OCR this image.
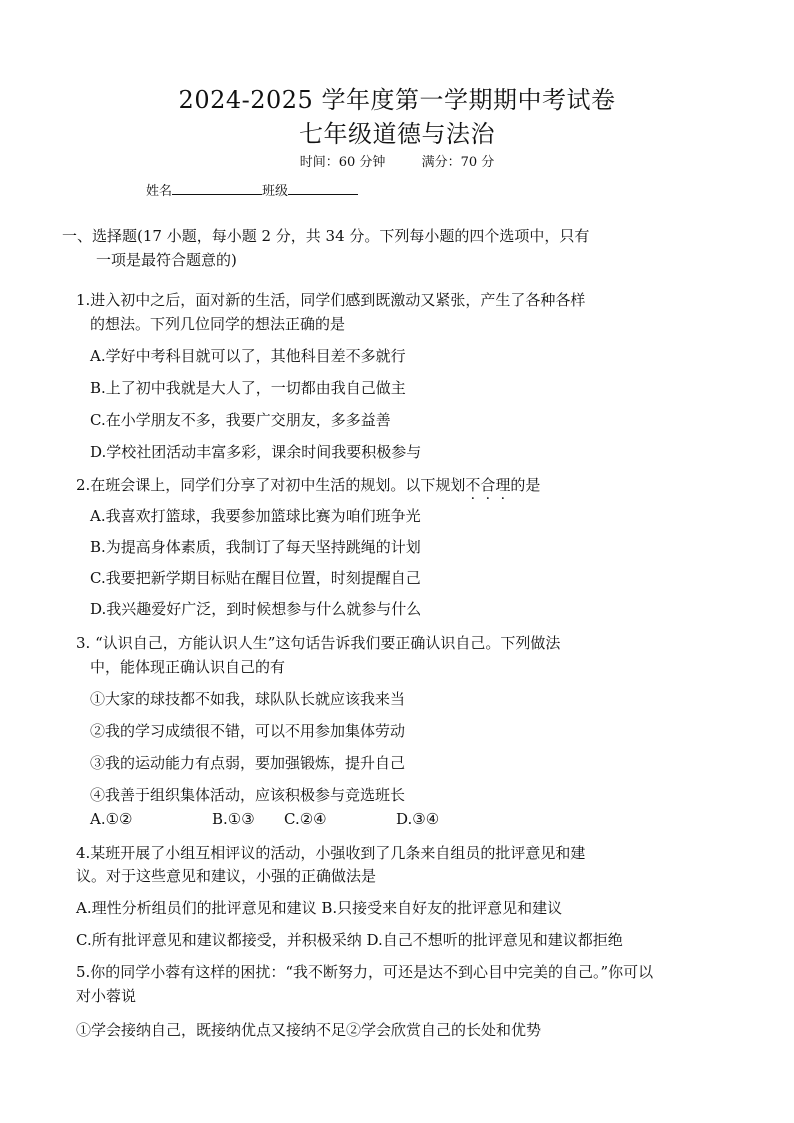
2024-2025 学年度第一学期期中考试卷
七年级道德与法治
时间：60 分钟	满分：70 分
姓名	班级
一、选择题(17 小题，每小题 2 分，共 34 分。下列每小题的四个选项中，只有
一项是最符合题意的)
1.进入初中之后，面对新的生活，同学们感到既激动又紧张，产生了各种各样
的想法。下列几位同学的想法正确的是
A.学好中考科目就可以了，其他科目差不多就行
B.上了初中我就是大人了，一切都由我自己做主
C.在小学朋友不多，我要广交朋友，多多益善
D.学校社团活动丰富多彩，课余时间我要积极参与
2.在班会课上，同学们分享了对初中生活的规划。以下规划不合理的是
A.我喜欢打篮球，我要参加篮球比赛为咱们班争光
B.为提高身体素质，我制订了每天坚持跳绳的计划
C.我要把新学期目标贴在醒目位置，时刻提醒自己
D.我兴趣爱好广泛，到时候想参与什么就参与什么
3. “认识自己，方能认识人生”这句话告诉我们要正确认识自己。下列做法
中，能体现正确认识自己的有
①大家的球技都不如我，球队队长就应该我来当
②我的学习成绩很不错，可以不用参加集体劳动
③我的运动能力有点弱，要加强锻炼，提升自己
④我善于组织集体活动，应该积极参与竞选班长
A.①②	B.①③ C.②④	D.③④
4.某班开展了小组互相评议的活动，小强收到了几条来自组员的批评意见和建
议。对于这些意见和建议，小强的正确做法是
A.理性分析组员们的批评意见和建议 B.只接受来自好友的批评意见和建议
C.所有批评意见和建议都接受，并积极采纳 D.自己不想听的批评意见和建议都拒绝
5.你的同学小蓉有这样的困扰：“我不断努力，可还是达不到心目中完美的自己。”你可以
对小蓉说
①学会接纳自己，既接纳优点又接纳不足②学会欣赏自己的长处和优势
